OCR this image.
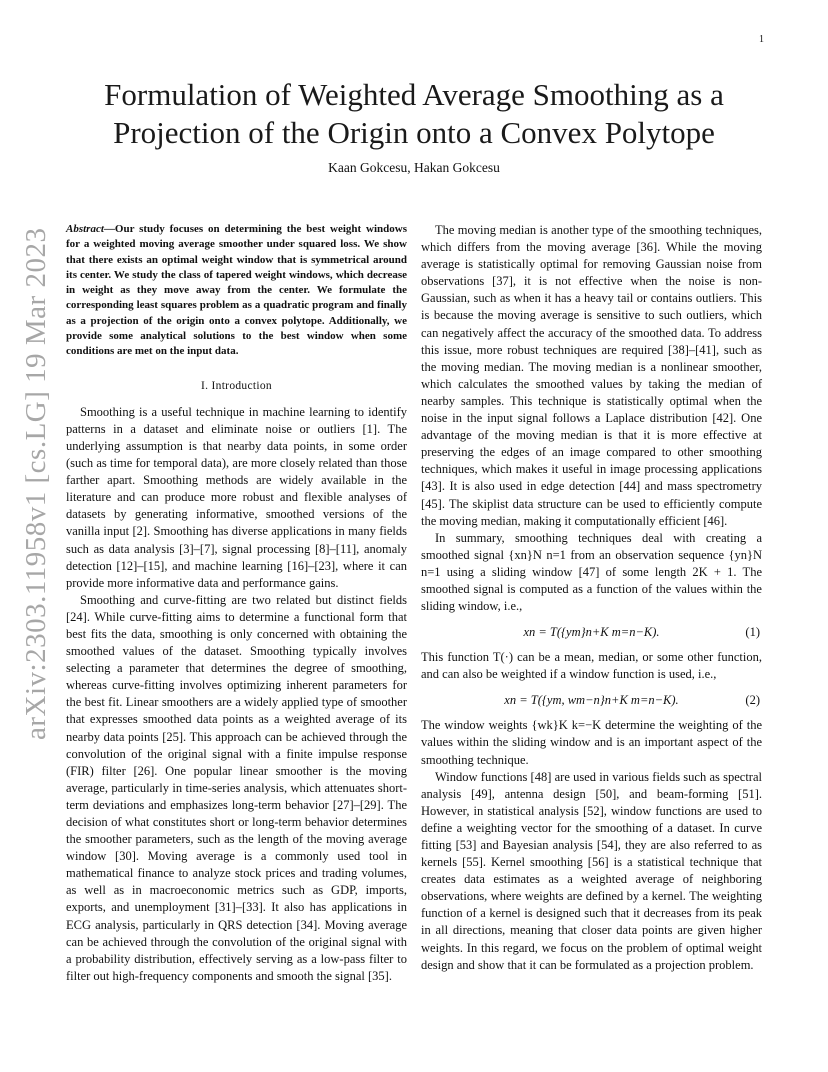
1
arXiv:2303.11958v1 [cs.LG] 19 Mar 2023
Formulation of Weighted Average Smoothing as a
Projection of the Origin onto a Convex Polytope
Kaan Gokcesu, Hakan Gokcesu

Abstract—Our study focuses on determining the best weight windows for a weighted moving average smoother under squared loss. We show that there exists an optimal weight window that is symmetrical around its center. We study the class of tapered weight windows, which decrease in weight as they move away from the center. We formulate the corresponding least squares problem as a quadratic program and finally as a projection of the origin onto a convex polytope. Additionally, we provide some analytical solutions to the best window when some conditions are met on the input data.

I. Introduction

Smoothing is a useful technique in machine learning to identify patterns in a dataset and eliminate noise or outliers [1]. The underlying assumption is that nearby data points, in some order (such as time for temporal data), are more closely related than those farther apart. Smoothing methods are widely available in the literature and can produce more robust and flexible analyses of datasets by generating informative, smoothed versions of the vanilla input [2]. Smoothing has diverse applications in many fields such as data analysis [3]–[7], signal processing [8]–[11], anomaly detection [12]–[15], and machine learning [16]–[23], where it can provide more informative data and performance gains.

Smoothing and curve-fitting are two related but distinct fields [24]. While curve-fitting aims to determine a functional form that best fits the data, smoothing is only concerned with obtaining the smoothed values of the dataset. Smoothing typically involves selecting a parameter that determines the degree of smoothing, whereas curve-fitting involves optimizing inherent parameters for the best fit. Linear smoothers are a widely applied type of smoother that expresses smoothed data points as a weighted average of its nearby data points [25]. This approach can be achieved through the convolution of the original signal with a finite impulse response (FIR) filter [26]. One popular linear smoother is the moving average, particularly in time-series analysis, which attenuates short-term deviations and emphasizes long-term behavior [27]–[29]. The decision of what constitutes short or long-term behavior determines the smoother parameters, such as the length of the moving average window [30]. Moving average is a commonly used tool in mathematical finance to analyze stock prices and trading volumes, as well as in macroeconomic metrics such as GDP, imports, exports, and unemployment [31]–[33]. It also has applications in ECG analysis, particularly in QRS detection [34]. Moving average can be achieved through the convolution of the original signal with a probability distribution, effectively serving as a low-pass filter to filter out high-frequency components and smooth the signal [35].

The moving median is another type of the smoothing techniques, which differs from the moving average [36]. While the moving average is statistically optimal for removing Gaussian noise from observations [37], it is not effective when the noise is non-Gaussian, such as when it has a heavy tail or contains outliers. This is because the moving average is sensitive to such outliers, which can negatively affect the accuracy of the smoothed data. To address this issue, more robust techniques are required [38]–[41], such as the moving median. The moving median is a nonlinear smoother, which calculates the smoothed values by taking the median of nearby samples. This technique is statistically optimal when the noise in the input signal follows a Laplace distribution [42]. One advantage of the moving median is that it is more effective at preserving the edges of an image compared to other smoothing techniques, which makes it useful in image processing applications [43]. It is also used in edge detection [44] and mass spectrometry [45]. The skiplist data structure can be used to efficiently compute the moving median, making it computationally efficient [46].

In summary, smoothing techniques deal with creating a smoothed signal {xn}N n=1 from an observation sequence {yn}N n=1 using a sliding window [47] of some length 2K + 1. The smoothed signal is computed as a function of the values within the sliding window, i.e.,

xn = T({ym}n+K m=n−K).	(1)

This function T(·) can be a mean, median, or some other function, and can also be weighted if a window function is used, i.e.,

xn = T({ym, wm−n}n+K m=n−K).	(2)

The window weights {wk}K k=−K determine the weighting of the values within the sliding window and is an important aspect of the smoothing technique.

Window functions [48] are used in various fields such as spectral analysis [49], antenna design [50], and beam-forming [51]. However, in statistical analysis [52], window functions are used to define a weighting vector for the smoothing of a dataset. In curve fitting [53] and Bayesian analysis [54], they are also referred to as kernels [55]. Kernel smoothing [56] is a statistical technique that creates data estimates as a weighted average of neighboring observations, where weights are defined by a kernel. The weighting function of a kernel is designed such that it decreases from its peak in all directions, meaning that closer data points are given higher weights. In this regard, we focus on the problem of optimal weight design and show that it can be formulated as a projection problem.
